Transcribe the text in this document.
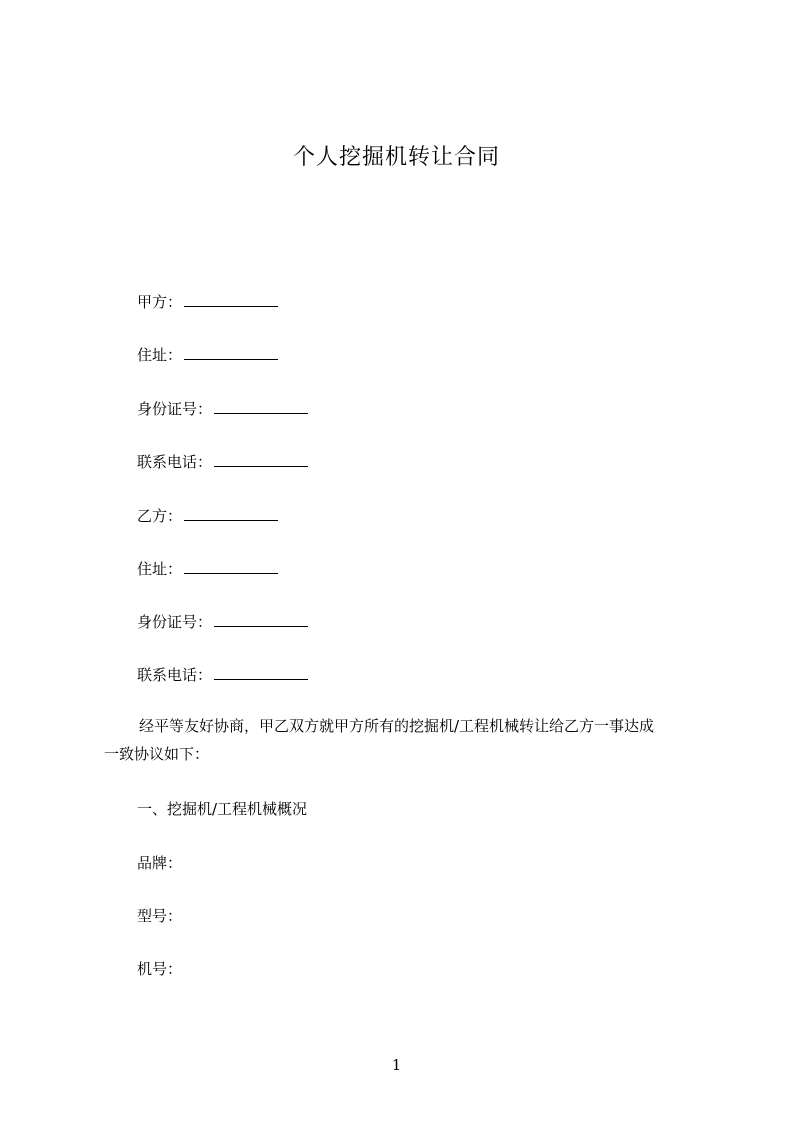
个人挖掘机转让合同
甲方：
住址：
身份证号：
联系电话：
乙方：
住址：
身份证号：
联系电话：
经平等友好协商，甲乙双方就甲方所有的挖掘机/工程机械转让给乙方一事达成
一致协议如下：
一、挖掘机/工程机械概况
品牌：
型号：
机号：
1
